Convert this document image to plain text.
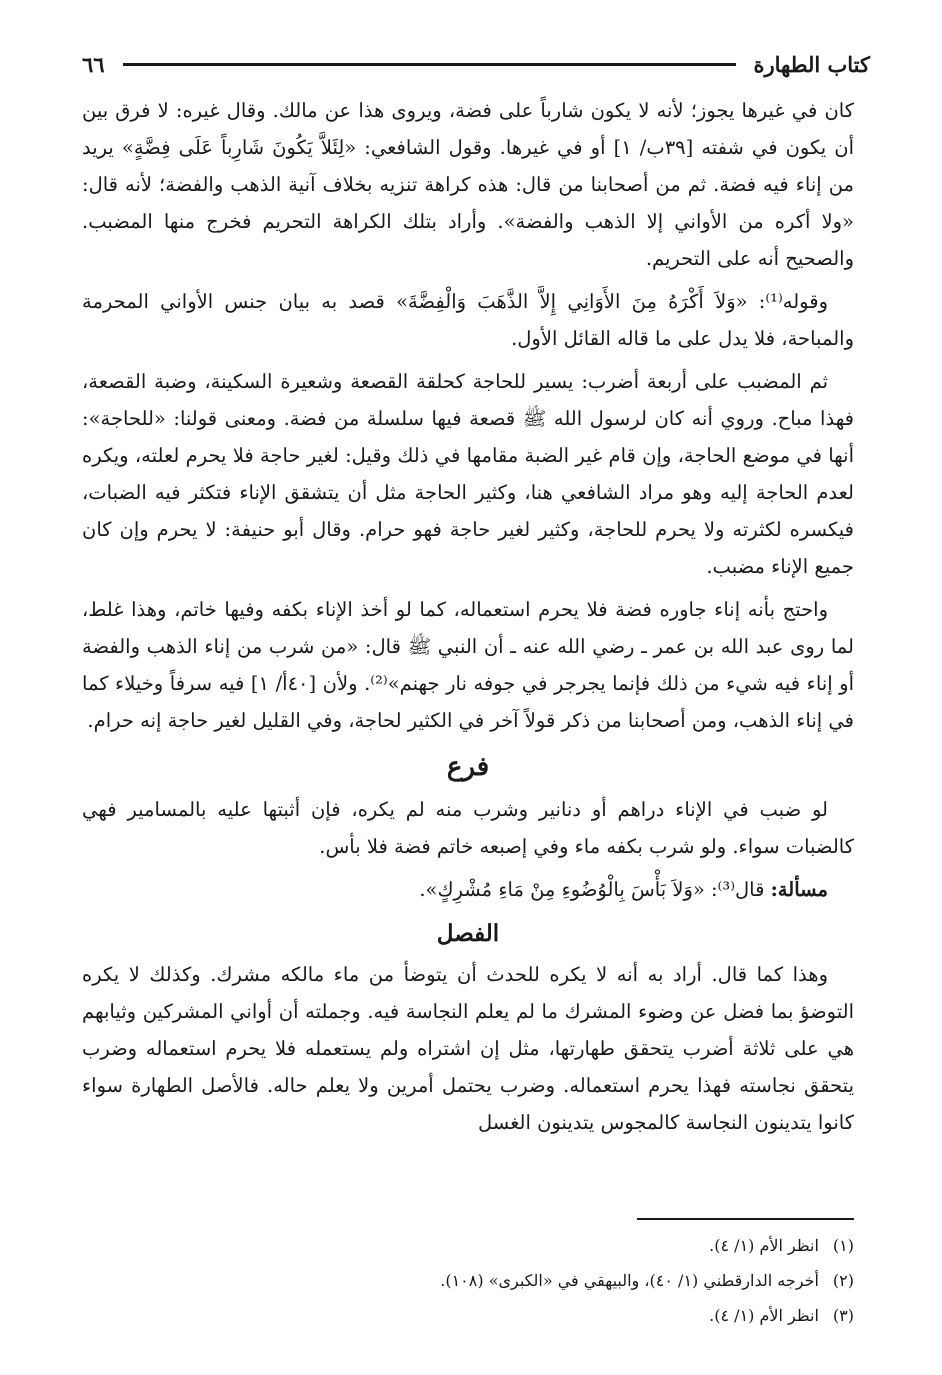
كتاب الطهارة
٦٦

كان في غيرها يجوز؛ لأنه لا يكون شارباً على فضة، ويروى هذا عن مالك. وقال غيره: لا فرق بين أن يكون في شفته [٣٩ب/ ١] أو في غيرها. وقول الشافعي: «لِئَلاَّ يَكُونَ شَارِباً عَلَى فِضَّةٍ» يريد من إناء فيه فضة. ثم من أصحابنا من قال: هذه كراهة تنزيه بخلاف آنية الذهب والفضة؛ لأنه قال: «ولا أكره من الأواني إلا الذهب والفضة». وأراد بتلك الكراهة التحريم فخرج منها المضبب. والصحيح أنه على التحريم.

وقوله⁽¹⁾: «وَلاَ أَكْرَهُ مِنَ الأَوَانِي إِلاَّ الذَّهَبَ وَالْفِضَّةَ» قصد به بيان جنس الأواني المحرمة والمباحة، فلا يدل على ما قاله القائل الأول.

ثم المضبب على أربعة أضرب: يسير للحاجة كحلقة القصعة وشعيرة السكينة، وضبة القصعة، فهذا مباح. وروي أنه كان لرسول الله ﷺ قصعة فيها سلسلة من فضة. ومعنى قولنا: «للحاجة»: أنها في موضع الحاجة، وإن قام غير الضبة مقامها في ذلك وقيل: لغير حاجة فلا يحرم لعلته، ويكره لعدم الحاجة إليه وهو مراد الشافعي هنا، وكثير الحاجة مثل أن يتشقق الإناء فتكثر فيه الضبات، فيكسره لكثرته ولا يحرم للحاجة، وكثير لغير حاجة فهو حرام. وقال أبو حنيفة: لا يحرم وإن كان جميع الإناء مضبب.

واحتج بأنه إناء جاوره فضة فلا يحرم استعماله، كما لو أخذ الإناء بكفه وفيها خاتم، وهذا غلط، لما روى عبد الله بن عمر ـ رضي الله عنه ـ أن النبي ﷺ قال: «من شرب من إناء الذهب والفضة أو إناء فيه شيء من ذلك فإنما يجرجر في جوفه نار جهنم»⁽²⁾. ولأن [٤٠أ/ ١] فيه سرفاً وخيلاء كما في إناء الذهب، ومن أصحابنا من ذكر قولاً آخر في الكثير لحاجة، وفي القليل لغير حاجة إنه حرام.

فرع

لو ضبب في الإناء دراهم أو دنانير وشرب منه لم يكره، فإن أثبتها عليه بالمسامير فهي كالضبات سواء. ولو شرب بكفه ماء وفي إصبعه خاتم فضة فلا بأس.

مسألة: قال⁽³⁾: «وَلاَ بَأْسَ بِالْوُضُوءِ مِنْ مَاءِ مُشْرِكٍ».

الفصل

وهذا كما قال. أراد به أنه لا يكره للحدث أن يتوضأ من ماء مالكه مشرك. وكذلك لا يكره التوضؤ بما فضل عن وضوء المشرك ما لم يعلم النجاسة فيه. وجملته أن أواني المشركين وثيابهم هي على ثلاثة أضرب يتحقق طهارتها، مثل إن اشتراه ولم يستعمله فلا يحرم استعماله وضرب يتحقق نجاسته فهذا يحرم استعماله. وضرب يحتمل أمرين ولا يعلم حاله. فالأصل الطهارة سواء كانوا يتدينون النجاسة كالمجوس يتدينون الغسل

(١)
انظر الأم (١/ ٤).
(٢)
أخرجه الدارقطني (١/ ٤٠)، والبيهقي في «الكبرى» (١٠٨).
(٣)
انظر الأم (١/ ٤).
